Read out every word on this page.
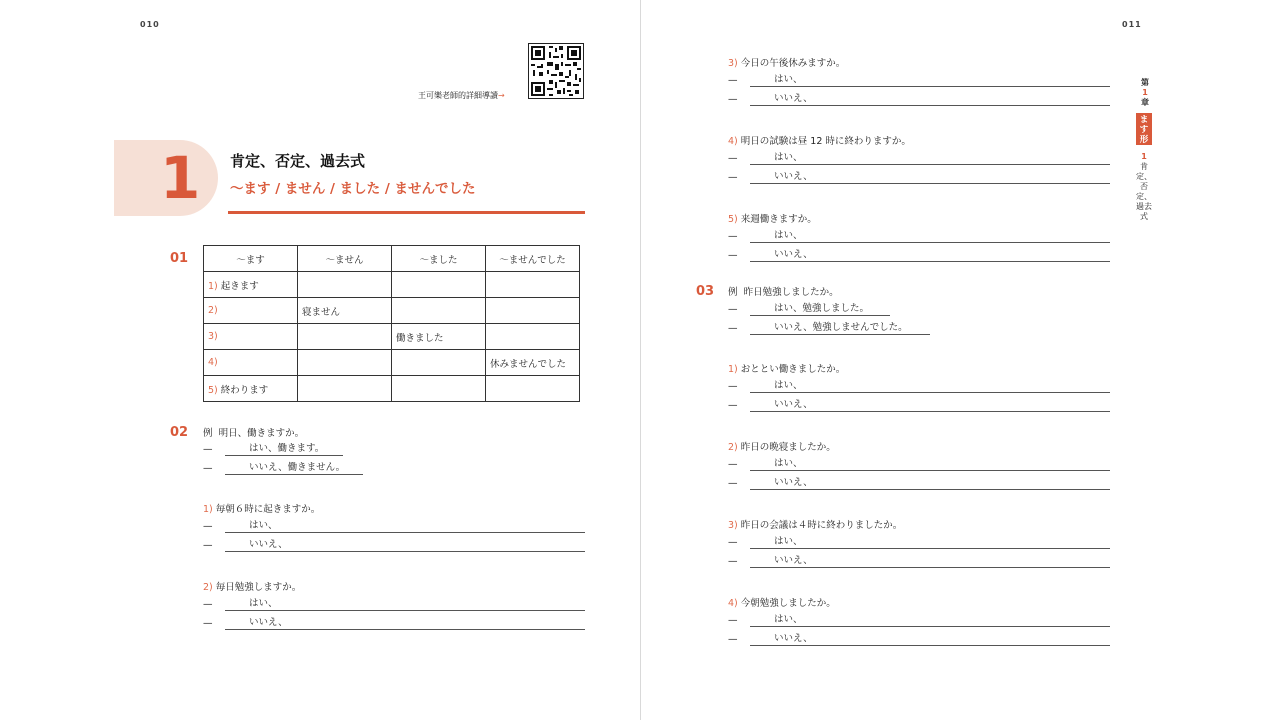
010
王可樂老師的詳細導讀→
1 肯定、否定、過去式
～ます / ません / ました / ませんでした
01	～ます	～ません	～ました	～ませんでした
1) 起きます			
2)	寝ません		
3)		働きました	
4)			休みませんでした
5) 終わります			
02 例 明日、働きますか。
—	はい、働きます。
—	いいえ、働きません。
1) 毎朝６時に起きますか。
—	はい、
—	いいえ、
2) 毎日勉強しますか。
—	はい、
—	いいえ、
011
3) 今日の午後休みますか。
—	はい、
—	いいえ、
4) 明日の試験は昼 12 時に終わりますか。
—	はい、
—	いいえ、
5) 来週働きますか。
—	はい、
—	いいえ、
03 例 昨日勉強しましたか。
—	はい、勉強しました。
—	いいえ、勉強しませんでした。
1) おととい働きましたか。
—	はい、
—	いいえ、
2) 昨日の晩寝ましたか。
—	はい、
—	いいえ、
3) 昨日の会議は４時に終わりましたか。
—	はい、
—	いいえ、
4) 今朝勉強しましたか。
—	はい、
—	いいえ、
第
1
章
ます形
1
肯定、否定、過去式
